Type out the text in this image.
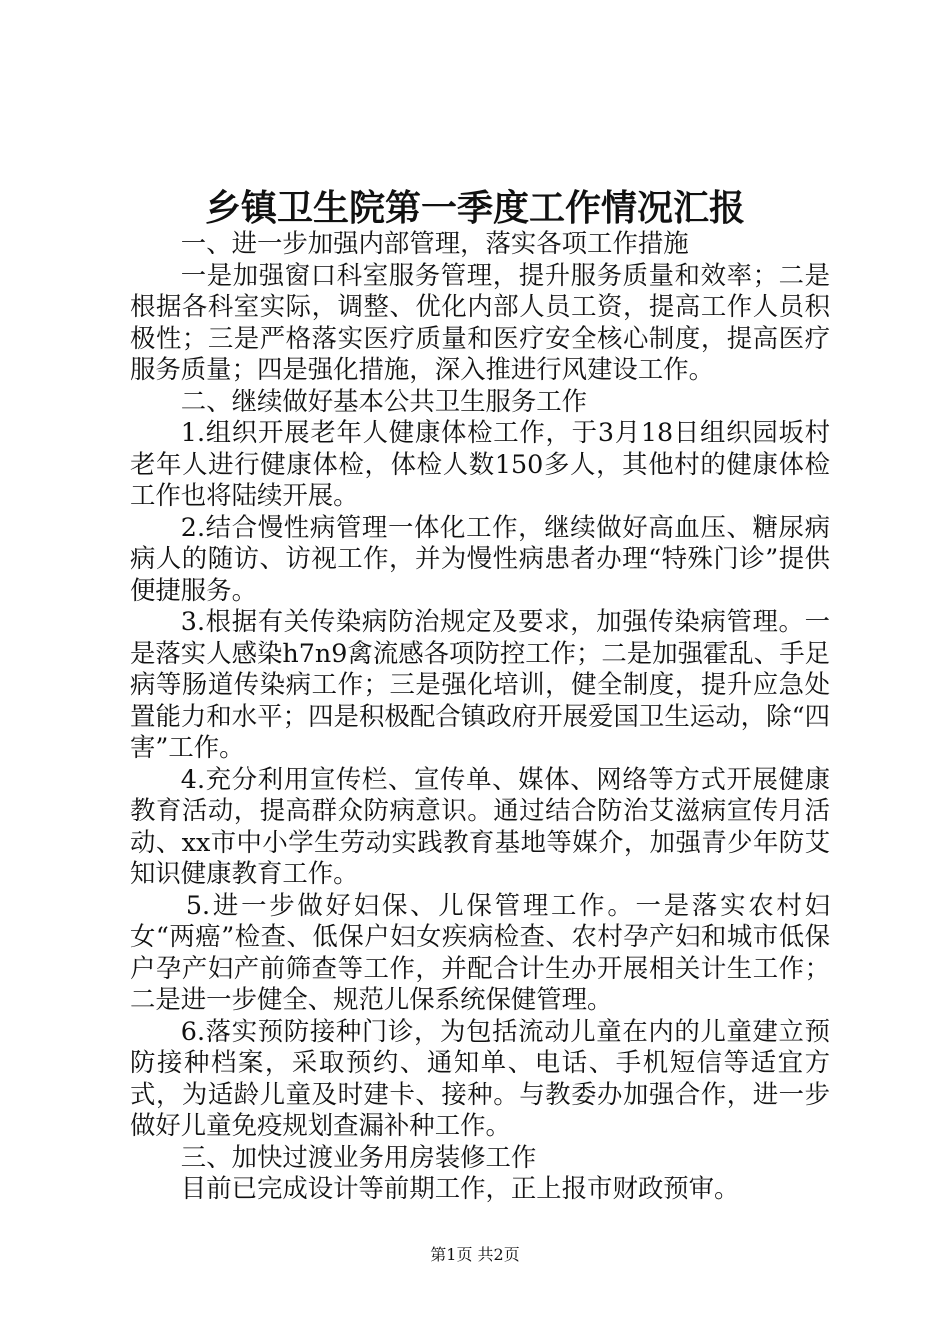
乡镇卫生院第一季度工作情况汇报

一、进一步加强内部管理，落实各项工作措施

一是加强窗口科室服务管理，提升服务质量和效率；二是根据各科室实际，调整、优化内部人员工资，提高工作人员积极性；三是严格落实医疗质量和医疗安全核心制度，提高医疗服务质量；四是强化措施，深入推进行风建设工作。

二、继续做好基本公共卫生服务工作

1.组织开展老年人健康体检工作，于3月18日组织园坂村老年人进行健康体检，体检人数150多人，其他村的健康体检工作也将陆续开展。

2.结合慢性病管理一体化工作，继续做好高血压、糖尿病病人的随访、访视工作，并为慢性病患者办理“特殊门诊”提供便捷服务。

3.根据有关传染病防治规定及要求，加强传染病管理。一是落实人感染h7n9禽流感各项防控工作；二是加强霍乱、手足病等肠道传染病工作；三是强化培训，健全制度，提升应急处置能力和水平；四是积极配合镇政府开展爱国卫生运动，除“四害”工作。

4.充分利用宣传栏、宣传单、媒体、网络等方式开展健康教育活动，提高群众防病意识。通过结合防治艾滋病宣传月活动、xx市中小学生劳动实践教育基地等媒介，加强青少年防艾知识健康教育工作。

5.进一步做好妇保、儿保管理工作。一是落实农村妇女“两癌”检查、低保户妇女疾病检查、农村孕产妇和城市低保户孕产妇产前筛查等工作，并配合计生办开展相关计生工作；二是进一步健全、规范儿保系统保健管理。

6.落实预防接种门诊，为包括流动儿童在内的儿童建立预防接种档案，采取预约、通知单、电话、手机短信等适宜方式，为适龄儿童及时建卡、接种。与教委办加强合作，进一步做好儿童免疫规划查漏补种工作。

三、加快过渡业务用房装修工作

目前已完成设计等前期工作，正上报市财政预审。

第1页 共2页
